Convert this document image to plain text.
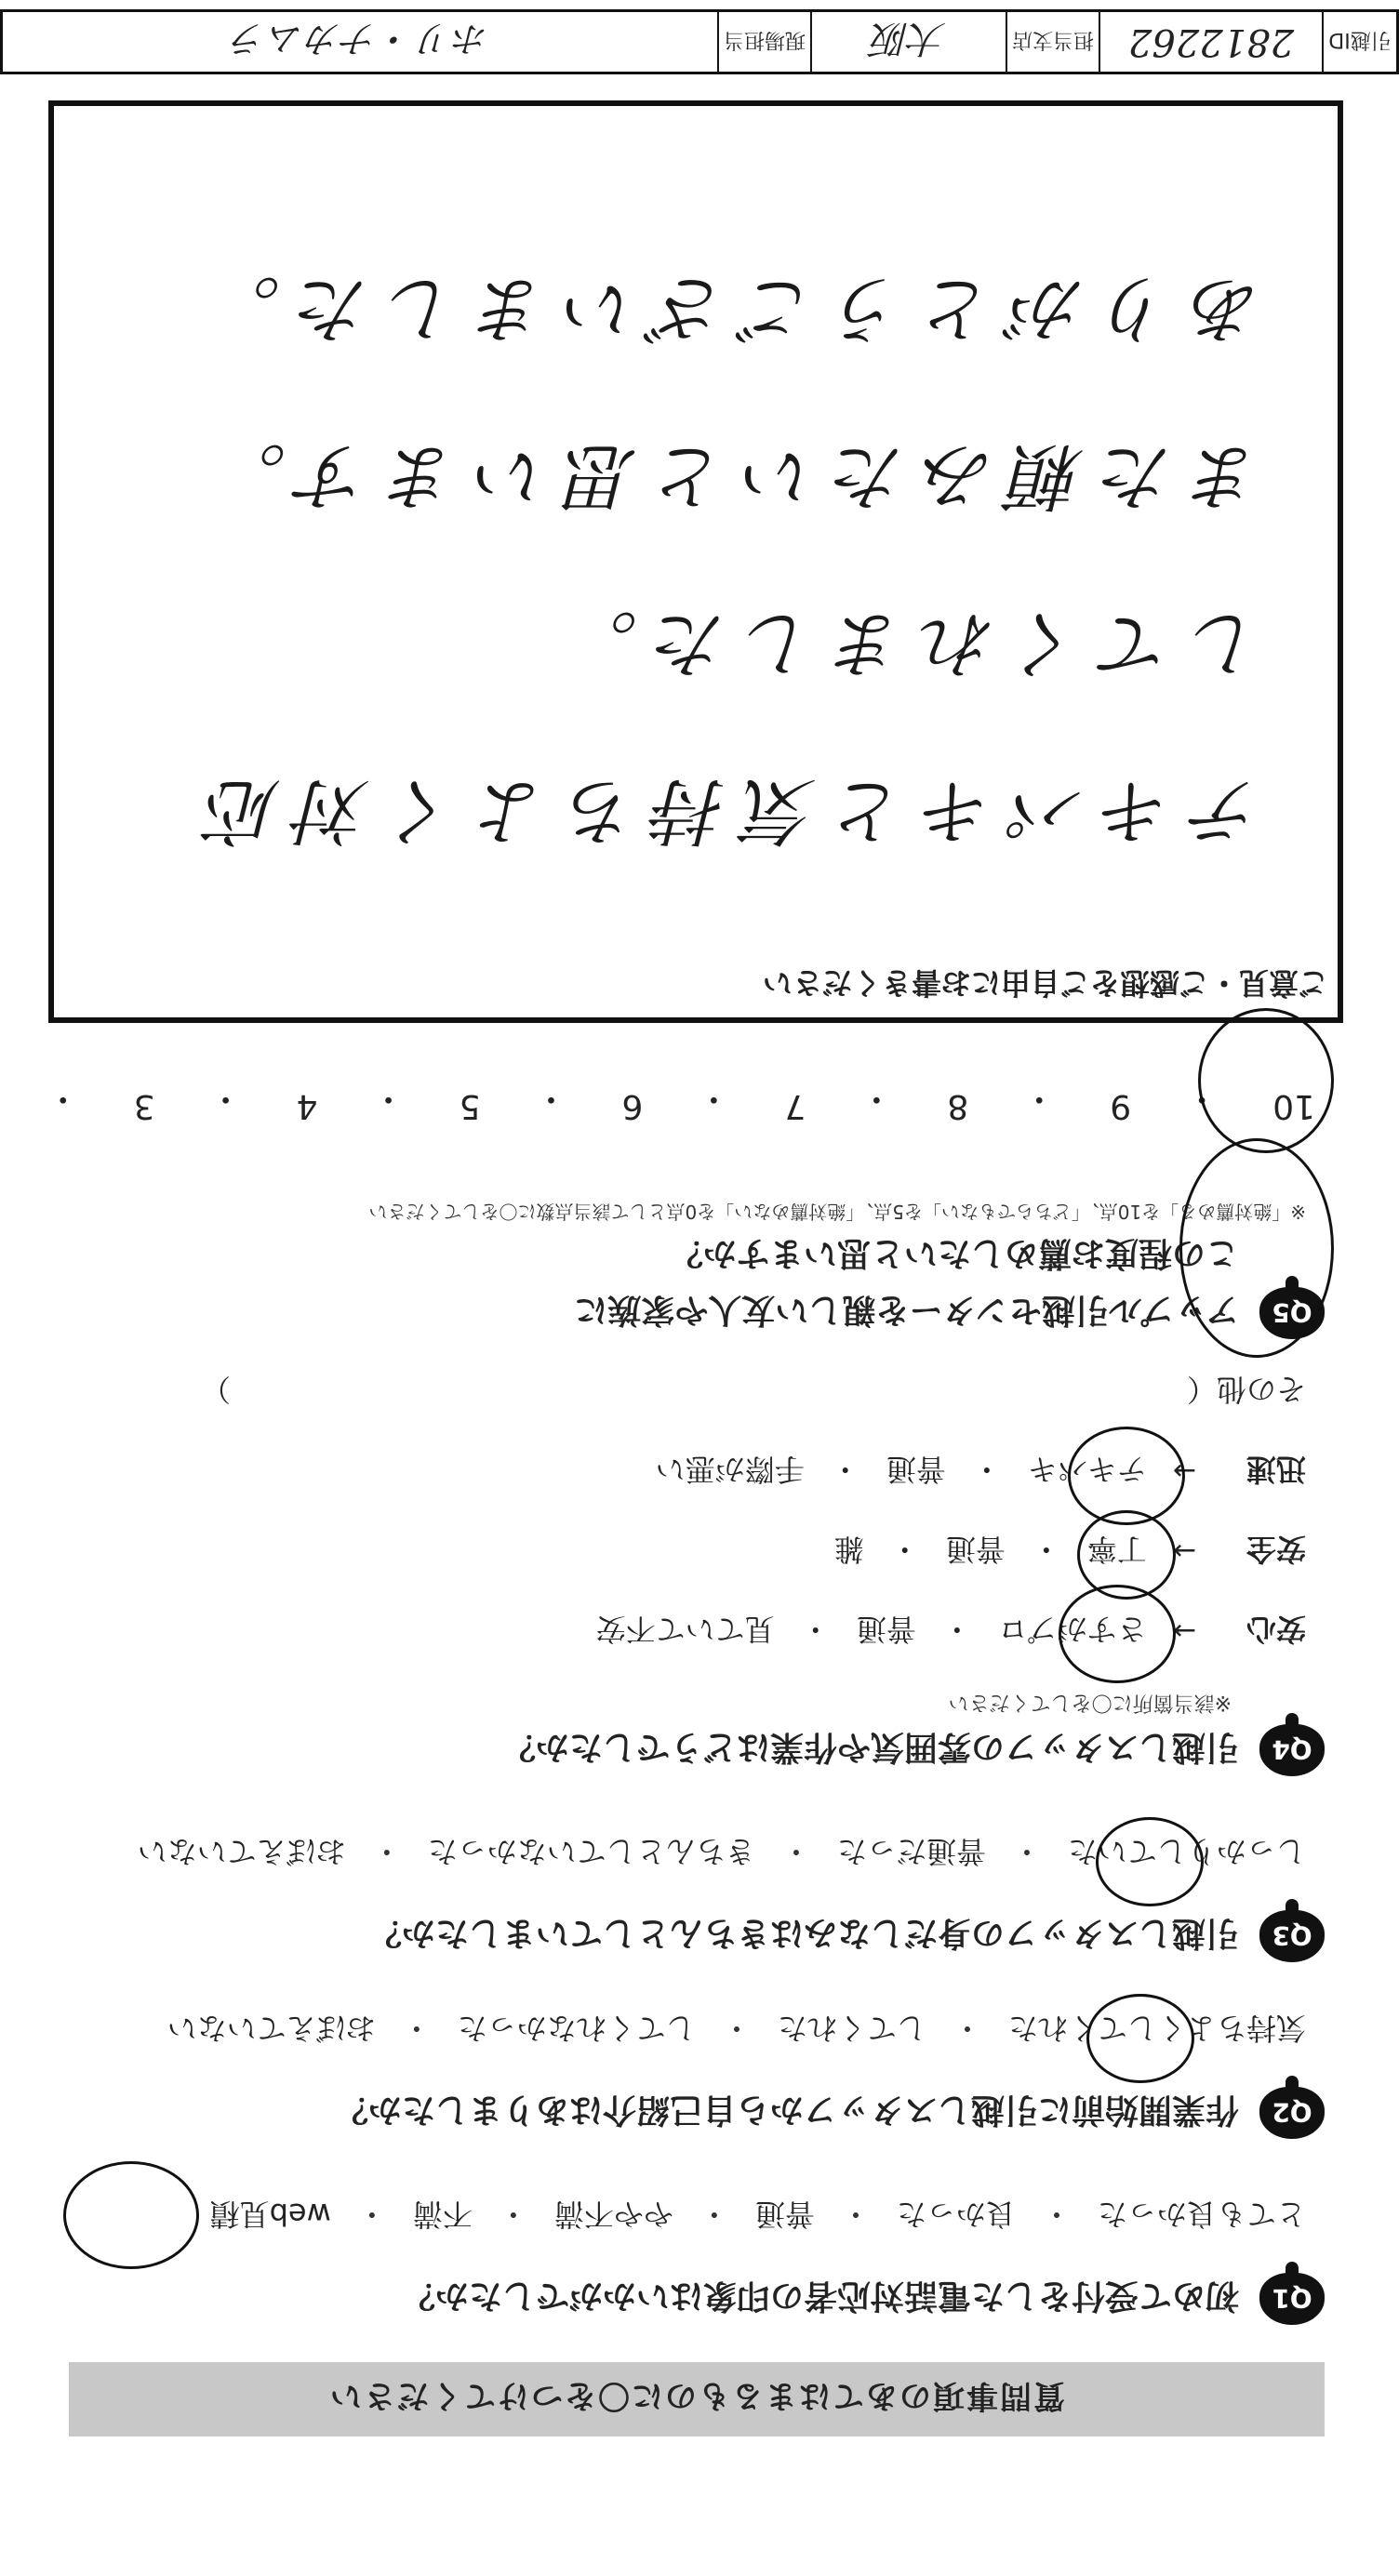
質問事項のあてはまるものに〇をつけてください
Q1
初めて受付をした電話対応者の印象はいかがでしたか？
とても良かった
・
良かった
・
普通
・
やや不満
・
不満
・
web見積
Q2
作業開始前に引越しスタッフから自己紹介はありましたか？
気持ちよくしてくれた
・
してくれた
・
してくれなかった
・
おぼえていない
Q3
引越しスタッフの身だしなみはきちんとしていましたか？
しっかりしていた
・
普通だった
・
きちんとしていなかった
・
おぼえていない
Q4
引越しスタッフの雰囲気や作業はどうでしたか？
※該当箇所に〇をしてください
安心
→
さすがプロ
・
普通
・
見ていて不安
安全
→
丁寧
・
普通
・
雑
迅速
→
テキパキ
・
普通
・
手際が悪い
その他（
）
Q5
アップル引越センターを親しい友人や家族に
この程度お薦めしたいと思いますか？
※「絶対薦める」を10点、「どちらでもない」を5点、「絶対薦めない」を0点として該当点数に〇をしてください
10
・
9
・
8
・
7
・
6
・
5
・
4
・
3
・
ご意見・ご感想をご自由にお書きください
テキパキと気持ちよく対応
してくれました。
また頼みたいと思います。
ありがとうございました。
引越ID
2812262
担当支店
大阪
現場担当
ホリ・ナカムラ
